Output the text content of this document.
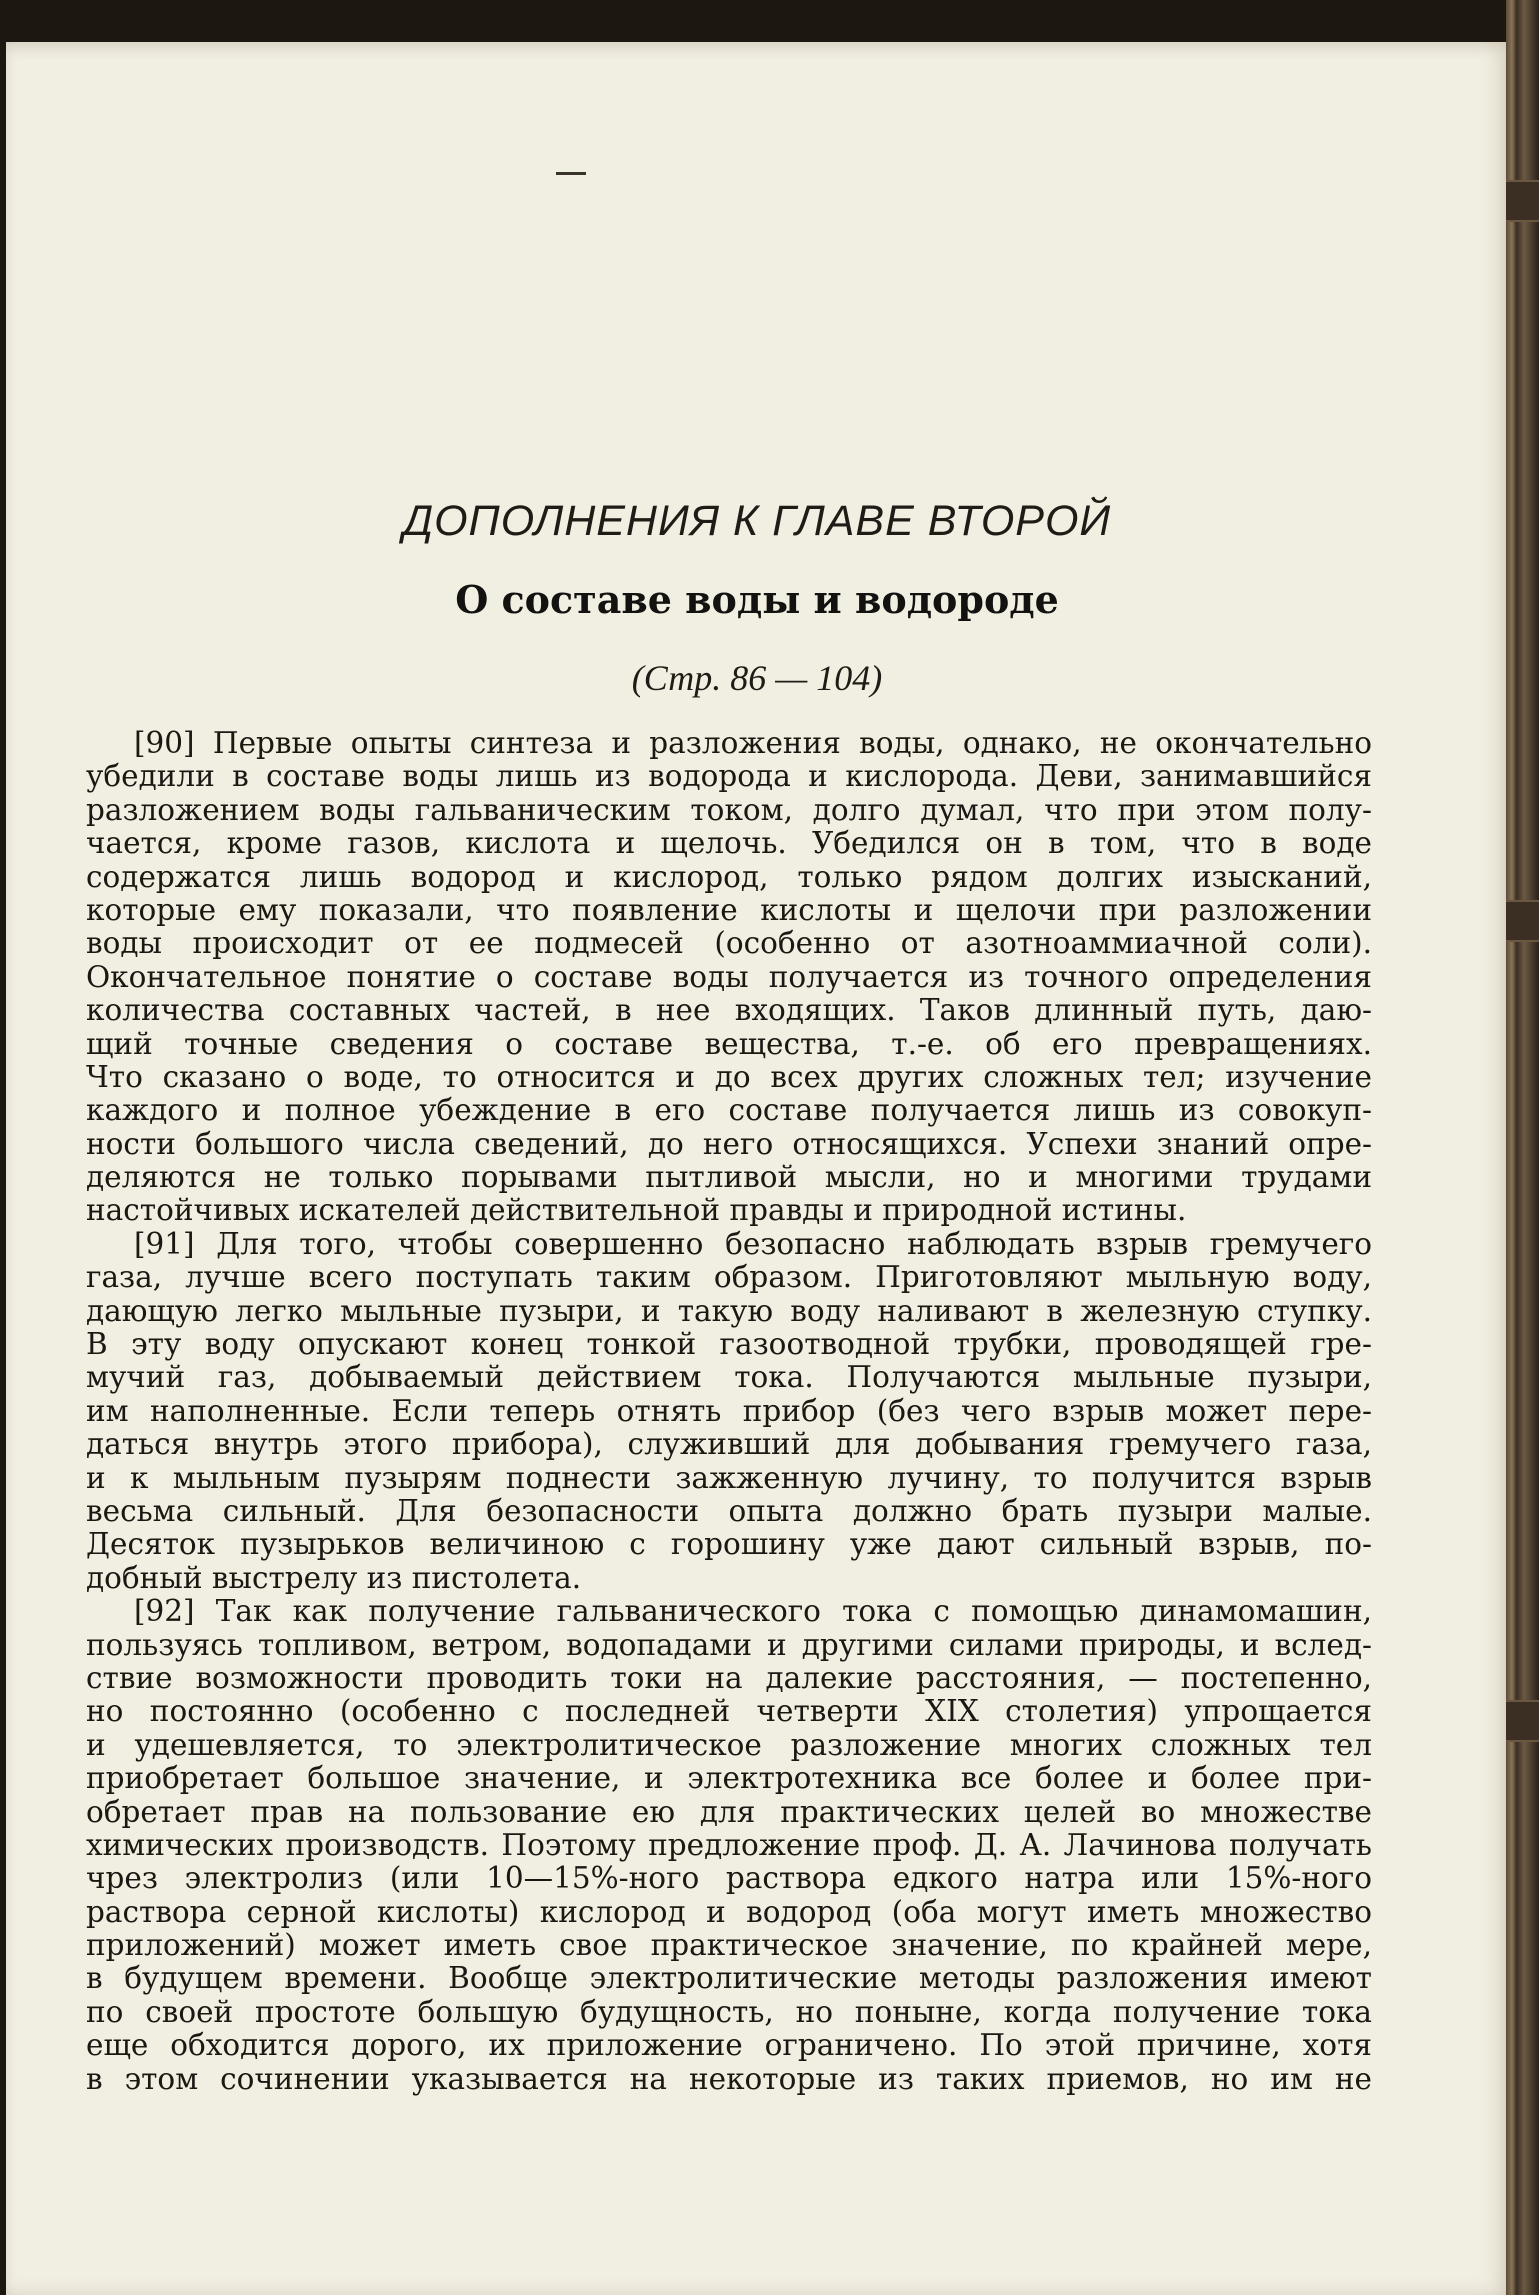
ДОПОЛНЕНИЯ К ГЛАВЕ ВТОРОЙ
О составе воды и водороде
(Стр. 86 — 104)
[90] Первые опыты синтеза и разложения воды, однако, не окончательно
убедили в составе воды лишь из водорода и кислорода. Деви, занимавшийся
разложением воды гальваническим током, долго думал, что при этом полу-
чается, кроме газов, кислота и щелочь. Убедился он в том, что в воде
содержатся лишь водород и кислород, только рядом долгих изысканий,
которые ему показали, что появление кислоты и щелочи при разложении
воды происходит от ее подмесей (особенно от азотноаммиачной соли).
Окончательное понятие о составе воды получается из точного определения
количества составных частей, в нее входящих. Таков длинный путь, даю-
щий точные сведения о составе вещества, т.-е. об его превращениях.
Что сказано о воде, то относится и до всех других сложных тел; изучение
каждого и полное убеждение в его составе получается лишь из совокуп-
ности большого числа сведений, до него относящихся. Успехи знаний опре-
деляются не только порывами пытливой мысли, но и многими трудами
настойчивых искателей действительной правды и природной истины.
[91] Для того, чтобы совершенно безопасно наблюдать взрыв гремучего
газа, лучше всего поступать таким образом. Приготовляют мыльную воду,
дающую легко мыльные пузыри, и такую воду наливают в железную ступку.
В эту воду опускают конец тонкой газоотводной трубки, проводящей гре-
мучий газ, добываемый действием тока. Получаются мыльные пузыри,
им наполненные. Если теперь отнять прибор (без чего взрыв может пере-
даться внутрь этого прибора), служивший для добывания гремучего газа,
и к мыльным пузырям поднести зажженную лучину, то получится взрыв
весьма сильный. Для безопасности опыта должно брать пузыри малые.
Десяток пузырьков величиною с горошину уже дают сильный взрыв, по-
добный выстрелу из пистолета.
[92] Так как получение гальванического тока с помощью динамомашин,
пользуясь топливом, ветром, водопадами и другими силами природы, и вслед-
ствие возможности проводить токи на далекие расстояния, — постепенно,
но постоянно (особенно с последней четверти XIX столетия) упрощается
и удешевляется, то электролитическое разложение многих сложных тел
приобретает большое значение, и электротехника все более и более при-
обретает прав на пользование ею для практических целей во множестве
химических производств. Поэтому предложение проф. Д. А. Лачинова получать
чрез электролиз (или 10—15%-ного раствора едкого натра или 15%-ного
раствора серной кислоты) кислород и водород (оба могут иметь множество
приложений) может иметь свое практическое значение, по крайней мере,
в будущем времени. Вообще электролитические методы разложения имеют
по своей простоте большую будущность, но поныне, когда получение тока
еще обходится дорого, их приложение ограничено. По этой причине, хотя
в этом сочинении указывается на некоторые из таких приемов, но им не
